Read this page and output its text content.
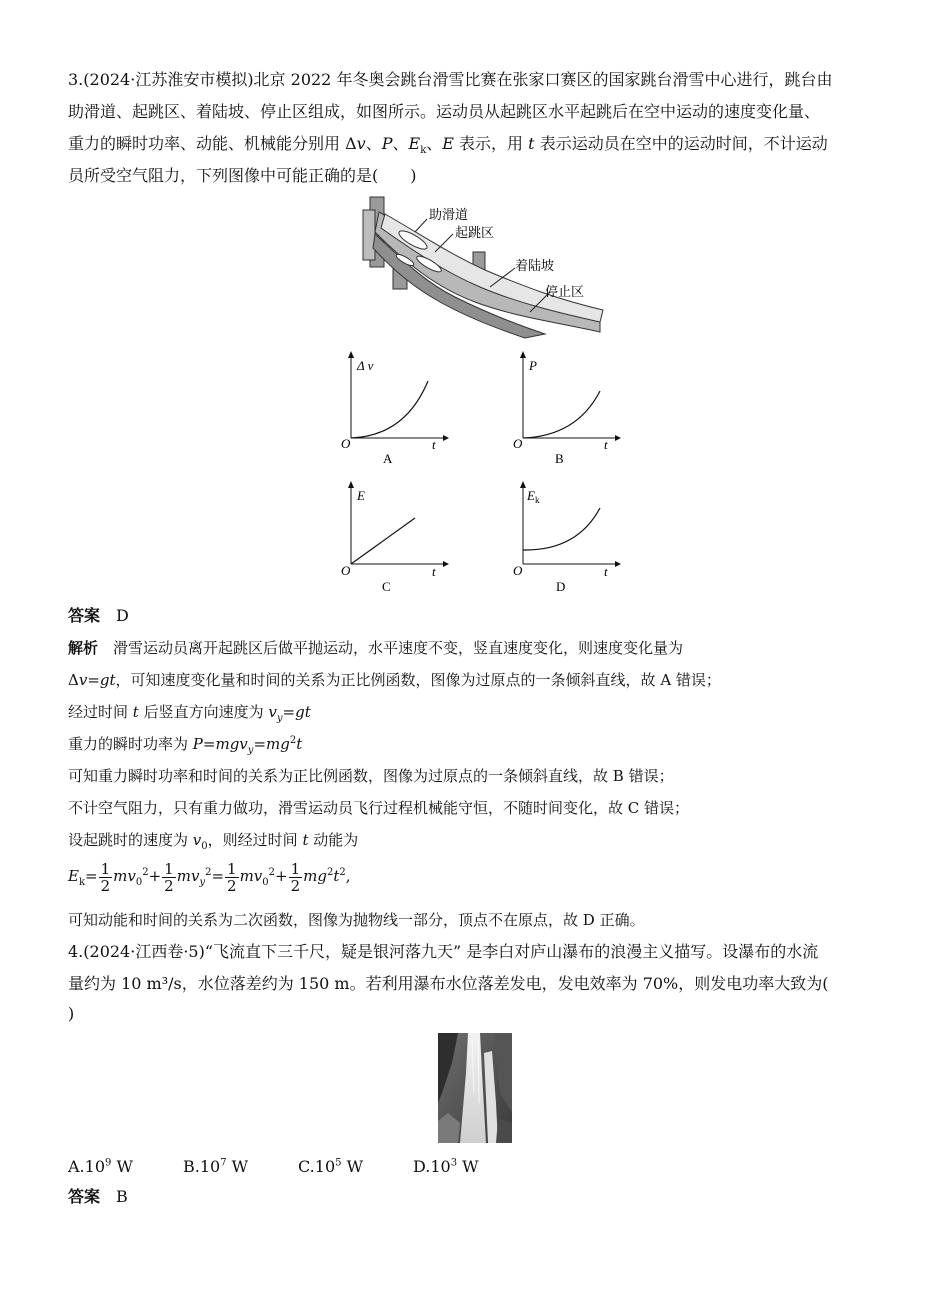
3.(2024·江苏淮安市模拟)北京 2022 年冬奥会跳台滑雪比赛在张家口赛区的国家跳台滑雪中心进行，跳台由
助滑道、起跳区、着陆坡、停止区组成，如图所示。运动员从起跳区水平起跳后在空中运动的速度变化量、
重力的瞬时功率、动能、机械能分别用 Δv、P、$E_k$、E 表示，用 t 表示运动员在空中的运动时间，不计运动
员所受空气阻力，下列图像中可能正确的是(　　)
助滑道
起跳区
着陆坡
停止区
Δ v
O	t
A
P
O	t
B
E
O	t
C
$E_k$
O	t
D
答案　 D
解析　 滑雪运动员离开起跳区后做平抛运动，水平速度不变，竖直速度变化，则速度变化量为
Δv=gt，可知速度变化量和时间的关系为正比例函数，图像为过原点的一条倾斜直线，故 A 错误；
经过时间 t 后竖直方向速度为 $v_y=gt$
重力的瞬时功率为 $P=mgv_y=mg^2t$
可知重力瞬时功率和时间的关系为正比例函数，图像为过原点的一条倾斜直线，故 B 错误；
不计空气阻力，只有重力做功，滑雪运动员飞行过程机械能守恒，不随时间变化，故 C 错误；
设起跳时的速度为 $v_0$，则经过时间 t 动能为
$E_k= \frac{1}{2} mv_0^2+ \frac{1}{2} mv_y^2= \frac{1}{2} mv_0^2+ \frac{1}{2} mg^2t^2$,
可知动能和时间的关系为二次函数，图像为抛物线一部分，顶点不在原点，故 D 正确。
4.(2024·江西卷·5)“飞流直下三千尺，疑是银河落九天” 是李白对庐山瀑布的浪漫主义描写。设瀑布的水流
量约为 10 m³/s，水位落差约为 150 m。若利用瀑布水位落差发电，发电效率为 70%，则发电功率大致为(
)
$A.10^9$ W	$B.10^7$ W	$C.10^5$ W	$D.10^3$ W
答案　 B
